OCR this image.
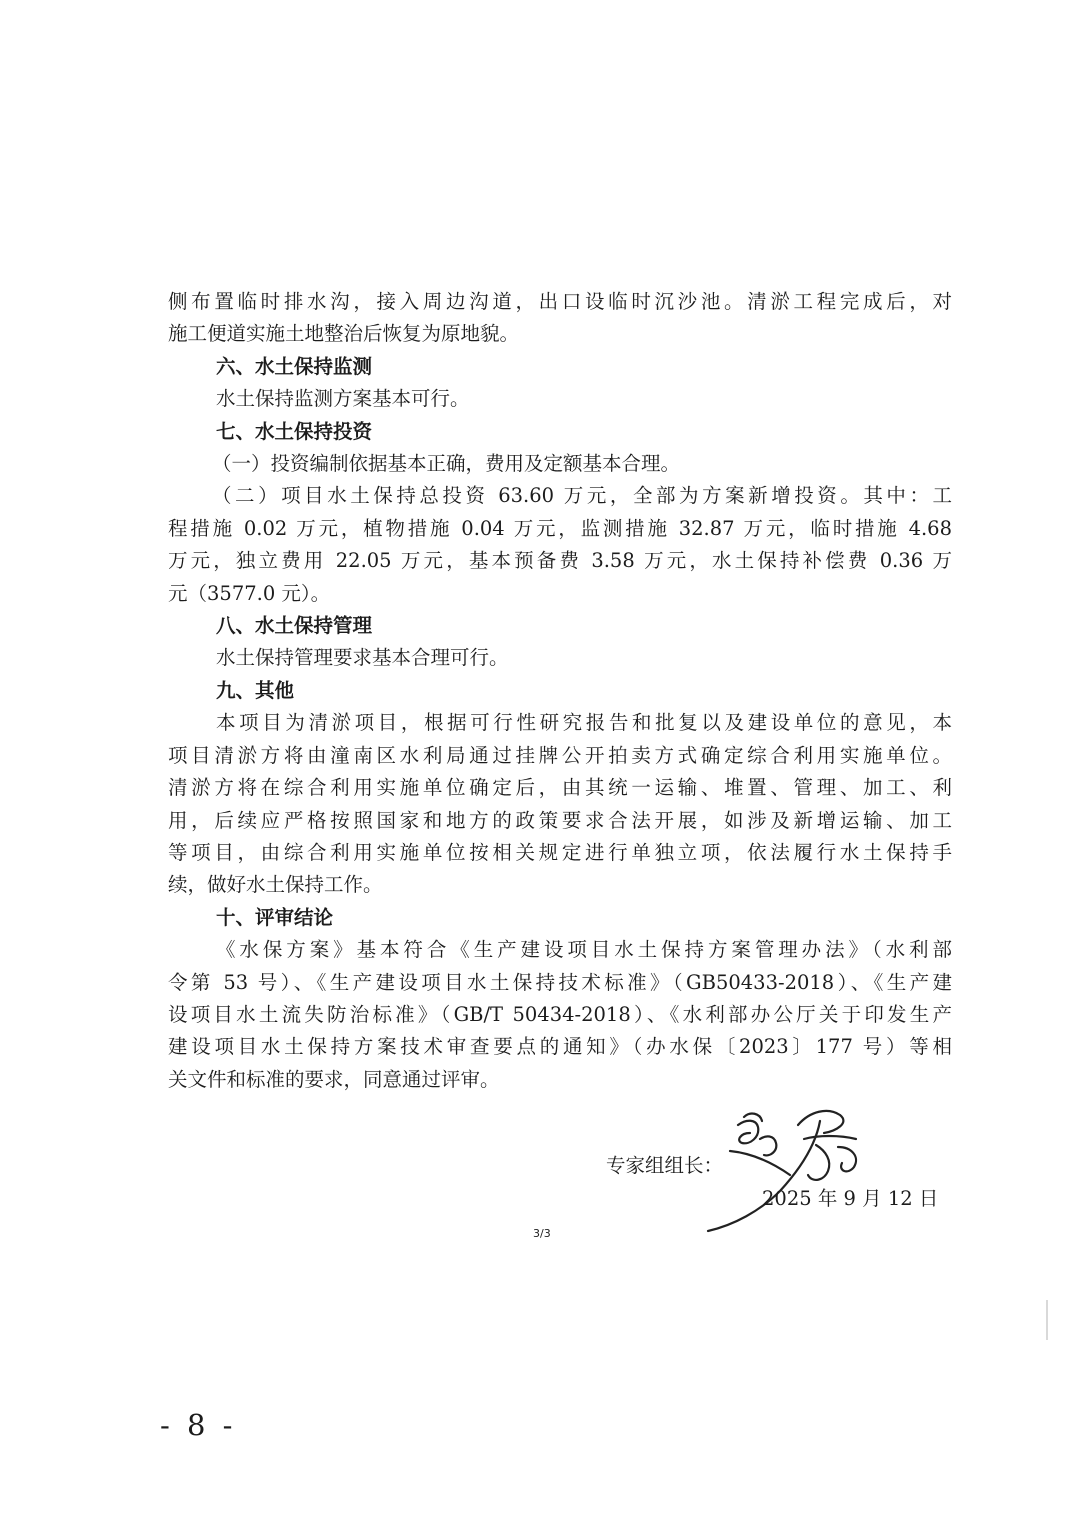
侧布置临时排水沟，接入周边沟道，出口设临时沉沙池。清淤工程完成后，对
施工便道实施土地整治后恢复为原地貌。
六、水土保持监测
水土保持监测方案基本可行。
七、水土保持投资
（一）投资编制依据基本正确，费用及定额基本合理。
（二）项目水土保持总投资 63.60 万元，全部为方案新增投资。其中：工
程措施 0.02 万元，植物措施 0.04 万元，监测措施 32.87 万元，临时措施 4.68
万元，独立费用 22.05 万元，基本预备费 3.58 万元，水土保持补偿费 0.36 万
元（3577.0 元）。
八、水土保持管理
水土保持管理要求基本合理可行。
九、其他
本项目为清淤项目，根据可行性研究报告和批复以及建设单位的意见，本
项目清淤方将由潼南区水利局通过挂牌公开拍卖方式确定综合利用实施单位。
清淤方将在综合利用实施单位确定后，由其统一运输、堆置、管理、加工、利
用，后续应严格按照国家和地方的政策要求合法开展，如涉及新增运输、加工
等项目，由综合利用实施单位按相关规定进行单独立项，依法履行水土保持手
续，做好水土保持工作。
十、评审结论
《水保方案》基本符合《生产建设项目水土保持方案管理办法》（水利部
令第 53 号）、《生产建设项目水土保持技术标准》（GB50433-2018）、《生产建
设项目水土流失防治标准》（GB/T 50434-2018）、《水利部办公厅关于印发生产
建设项目水土保持方案技术审查要点的通知》（办水保〔2023〕177 号）等相
关文件和标准的要求，同意通过评审。
专家组组长：
2025 年 9 月 12 日
3/3
- 8 -
